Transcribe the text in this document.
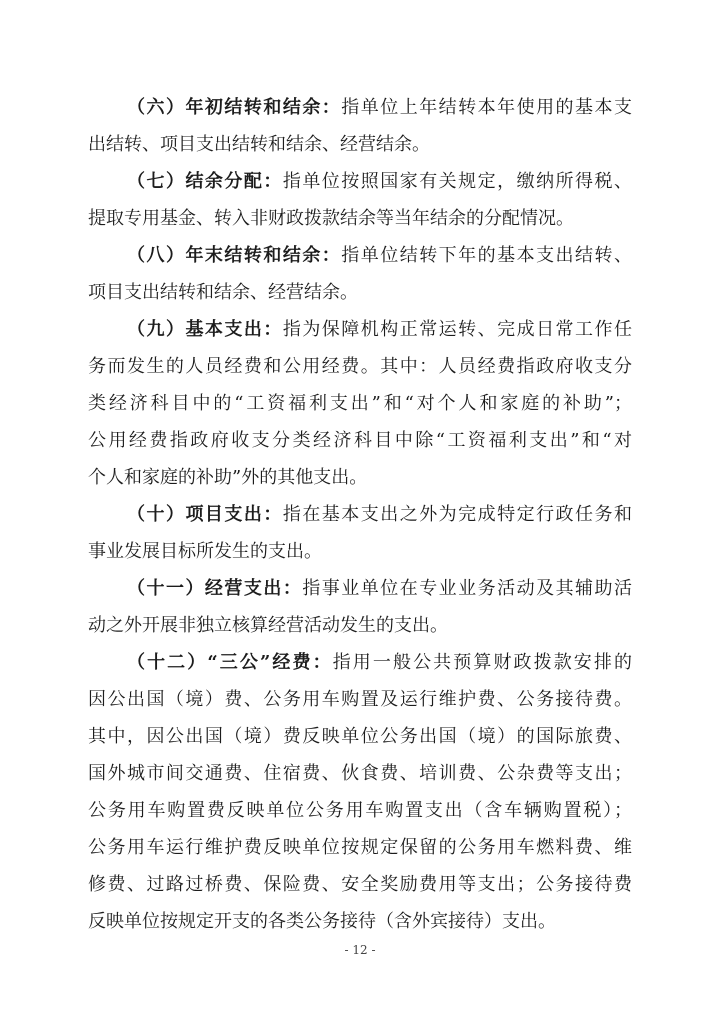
（六）年初结转和结余：指单位上年结转本年使用的基本支
出结转、项目支出结转和结余、经营结余。
（七）结余分配：指单位按照国家有关规定，缴纳所得税、
提取专用基金、转入非财政拨款结余等当年结余的分配情况。
（八）年末结转和结余：指单位结转下年的基本支出结转、
项目支出结转和结余、经营结余。
（九）基本支出：指为保障机构正常运转、完成日常工作任
务而发生的人员经费和公用经费。其中：人员经费指政府收支分
类经济科目中的“工资福利支出”和“对个人和家庭的补助”；
公用经费指政府收支分类经济科目中除“工资福利支出”和“对
个人和家庭的补助”外的其他支出。
（十）项目支出：指在基本支出之外为完成特定行政任务和
事业发展目标所发生的支出。
（十一）经营支出：指事业单位在专业业务活动及其辅助活
动之外开展非独立核算经营活动发生的支出。
（十二）“三公”经费：指用一般公共预算财政拨款安排的
因公出国（境）费、公务用车购置及运行维护费、公务接待费。
其中，因公出国（境）费反映单位公务出国（境）的国际旅费、
国外城市间交通费、住宿费、伙食费、培训费、公杂费等支出；
公务用车购置费反映单位公务用车购置支出（含车辆购置税）；
公务用车运行维护费反映单位按规定保留的公务用车燃料费、维
修费、过路过桥费、保险费、安全奖励费用等支出；公务接待费
反映单位按规定开支的各类公务接待（含外宾接待）支出。
- 12 -
